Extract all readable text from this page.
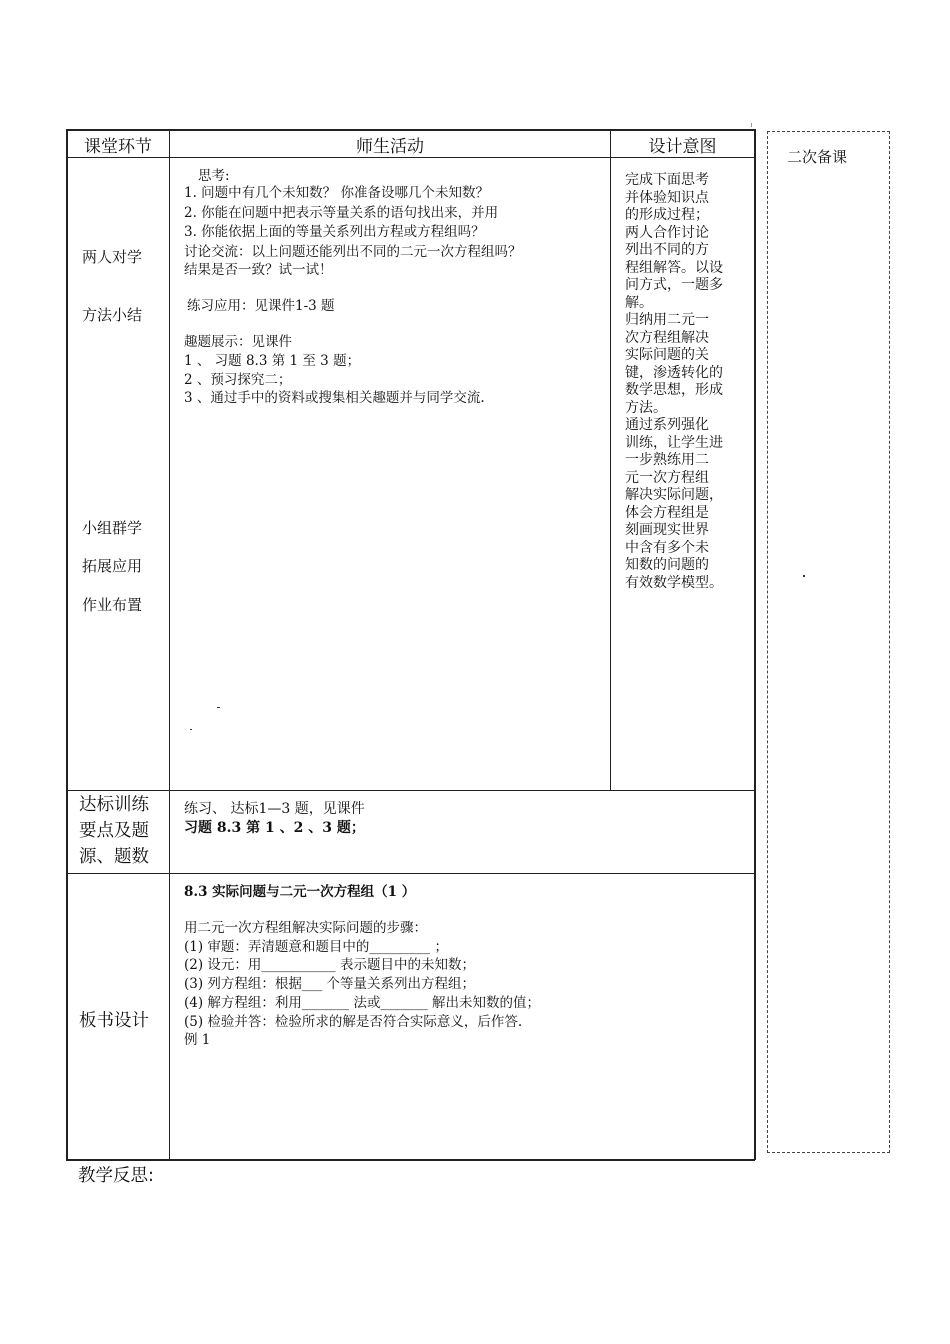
课堂环节	师生活动	设计意图
两人对学
方法小结
小组群学
拓展应用
作业布置
思考:
1. 问题中有几个未知数？ 你准备设哪几个未知数？
2. 你能在问题中把表示等量关系的语句找出来，并用
3. 你能依据上面的等量关系列出方程或方程组吗？
讨论交流：以上问题还能列出不同的二元一次方程组吗？
结果是否一致？试一试！
练习应用：见课件1-3 题
趣题展示：见课件
1 、 习题 8.3 第 1 至 3 题；
2 、预习探究二；
3 、通过手中的资料或搜集相关趣题并与同学交流.
完成下面思考
并体验知识点
的形成过程；
两人合作讨论
列出不同的方
程组解答。以设
问方式，一题多
解。
归纳用二元一
次方程组解决
实际问题的关
键，渗透转化的
数学思想，形成
方法。
通过系列强化
训练，让学生进
一步熟练用二
元一次方程组
解决实际问题，
体会方程组是
刻画现实世界
中含有多个未
知数的问题的
有效数学模型。
达标训练要点及题源、题数
练习、 达标1—3 题，见课件
习题 8.3 第 1 、2 、3 题；
板书设计
8.3 实际问题与二元一次方程组（1 ）
用二元一次方程组解决实际问题的步骤：
(1) 审题：弄清题意和题目中的_________ ；
(2) 设元：用___________ 表示题目中的未知数；
(3) 列方程组：根据___ 个等量关系列出方程组；
(4) 解方程组：利用_______ 法或_______ 解出未知数的值；
(5) 检验并答：检验所求的解是否符合实际意义，后作答.
例 1
二次备课
教学反思:
